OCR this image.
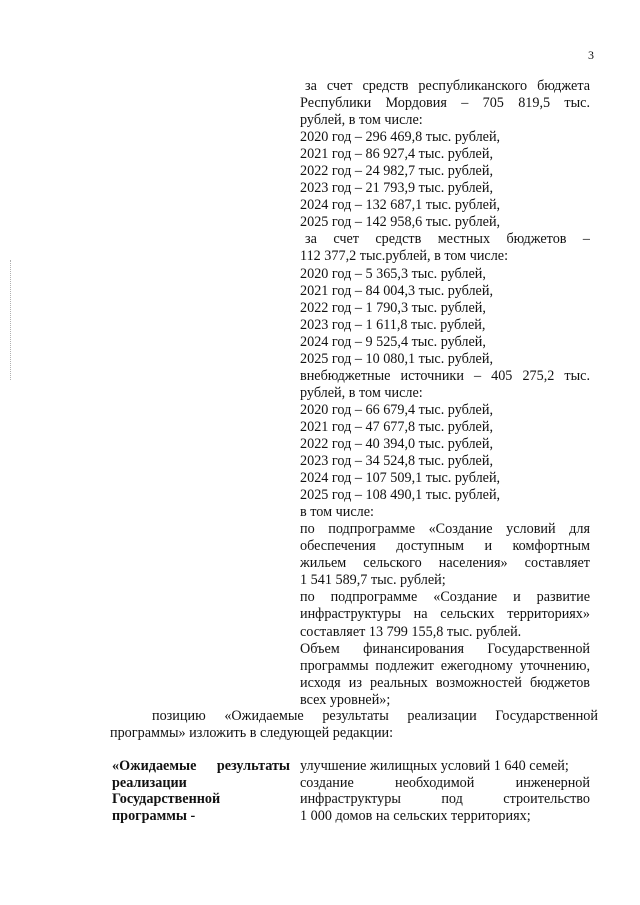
3
за счет средств республиканского бюджета
Республики Мордовия – 705 819,5 тыс.
рублей, в том числе:
2020 год – 296 469,8 тыс. рублей,
2021 год – 86 927,4 тыс. рублей,
2022 год – 24 982,7 тыс. рублей,
2023 год – 21 793,9 тыс. рублей,
2024 год – 132 687,1 тыс. рублей,
2025 год – 142 958,6 тыс. рублей,
за счет средств местных бюджетов –
112 377,2 тыс.рублей, в том числе:
2020 год – 5 365,3 тыс. рублей,
2021 год – 84 004,3 тыс. рублей,
2022 год – 1 790,3 тыс. рублей,
2023 год – 1 611,8 тыс. рублей,
2024 год – 9 525,4 тыс. рублей,
2025 год – 10 080,1 тыс. рублей,
внебюджетные источники – 405 275,2 тыс.
рублей, в том числе:
2020 год – 66 679,4 тыс. рублей,
2021 год – 47 677,8 тыс. рублей,
2022 год – 40 394,0 тыс. рублей,
2023 год – 34 524,8 тыс. рублей,
2024 год – 107 509,1 тыс. рублей,
2025 год – 108 490,1 тыс. рублей,
в том числе:
по подпрограмме «Создание условий для
обеспечения доступным и комфортным
жильем сельского населения» составляет
1 541 589,7 тыс. рублей;
по подпрограмме «Создание и развитие
инфраструктуры на сельских территориях»
составляет 13 799 155,8 тыс. рублей.
Объем финансирования Государственной
программы подлежит ежегодному уточнению,
исходя из реальных возможностей бюджетов
всех уровней»;
позицию «Ожидаемые результаты реализации Государственной
программы» изложить в следующей редакции:
«Ожидаемые результаты
реализации
Государственной
программы -
улучшение жилищных условий 1 640 семей;
создание необходимой инженерной
инфраструктуры под строительство
1 000 домов на сельских территориях;
